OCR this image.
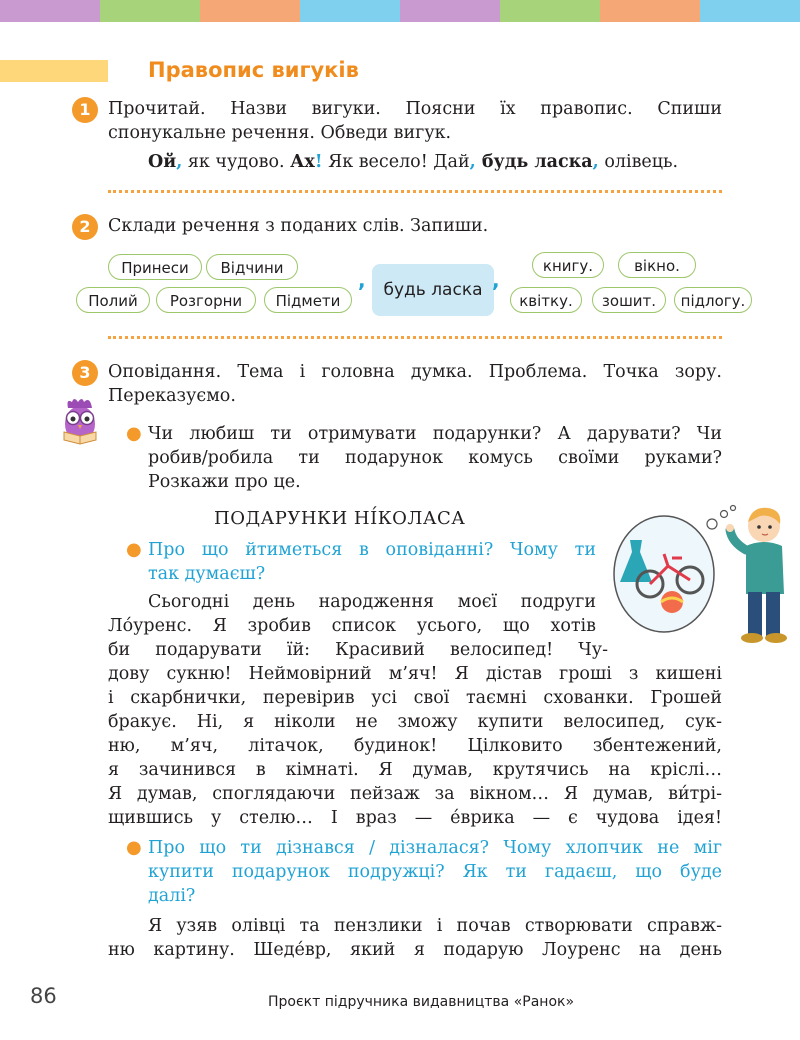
Правопис вигуків
1 Прочитай. Назви вигуки. Поясни їх правопис. Спиши
спонукальне речення. Обведи вигук.
Ой, як чудово. Ах! Як весело! Дай, будь ласка, олівець.
2 Склади речення з поданих слів. Запиши.
Принеси	Відчини
Полий	Розгорни	Підмети
,	будь ласка ,
книгу.	вікно.
квітку.	зошит.	підлогу.
3 Оповідання. Тема і головна думка. Проблема. Точка зору.
Переказуємо.
● Чи любиш ти отримувати подарунки? А дарувати? Чи
робив/робила ти подарунок комусь своїми руками?
Розкажи про це.
ПОДАРУНКИ НІ́КОЛАСА
● Про що йтиметься в оповіданні? Чому ти
так думаєш?
Сьогодні день народження моєї подруги
Ло́уренс. Я зробив список усього, що хотів
би подарувати їй: Красивий велосипед! Чу-
дову сукню! Неймовірний м’яч! Я дістав гроші з кишені
і скарбнички, перевірив усі свої таємні схованки. Грошей
бракує. Ні, я ніколи не зможу купити велосипед, сук-
ню, м’яч, літачок, будинок! Цілковито збентежений,
я зачинився в кімнаті. Я думав, крутячись на кріслі…
Я думав, споглядаючи пейзаж за вікном… Я думав, ви́трі-
щившись у стелю… І враз — е́врика — є чудова ідея!
● Про що ти дізнався / дізналася? Чому хлопчик не міг
купити подарунок подружці? Як ти гадаєш, що буде
далі?
Я узяв олівці та пензлики і почав створювати справж-
ню картину. Шеде́вр, який я подарую Лоуренс на день
86	Проєкт підручника видавництва «Ранок»
